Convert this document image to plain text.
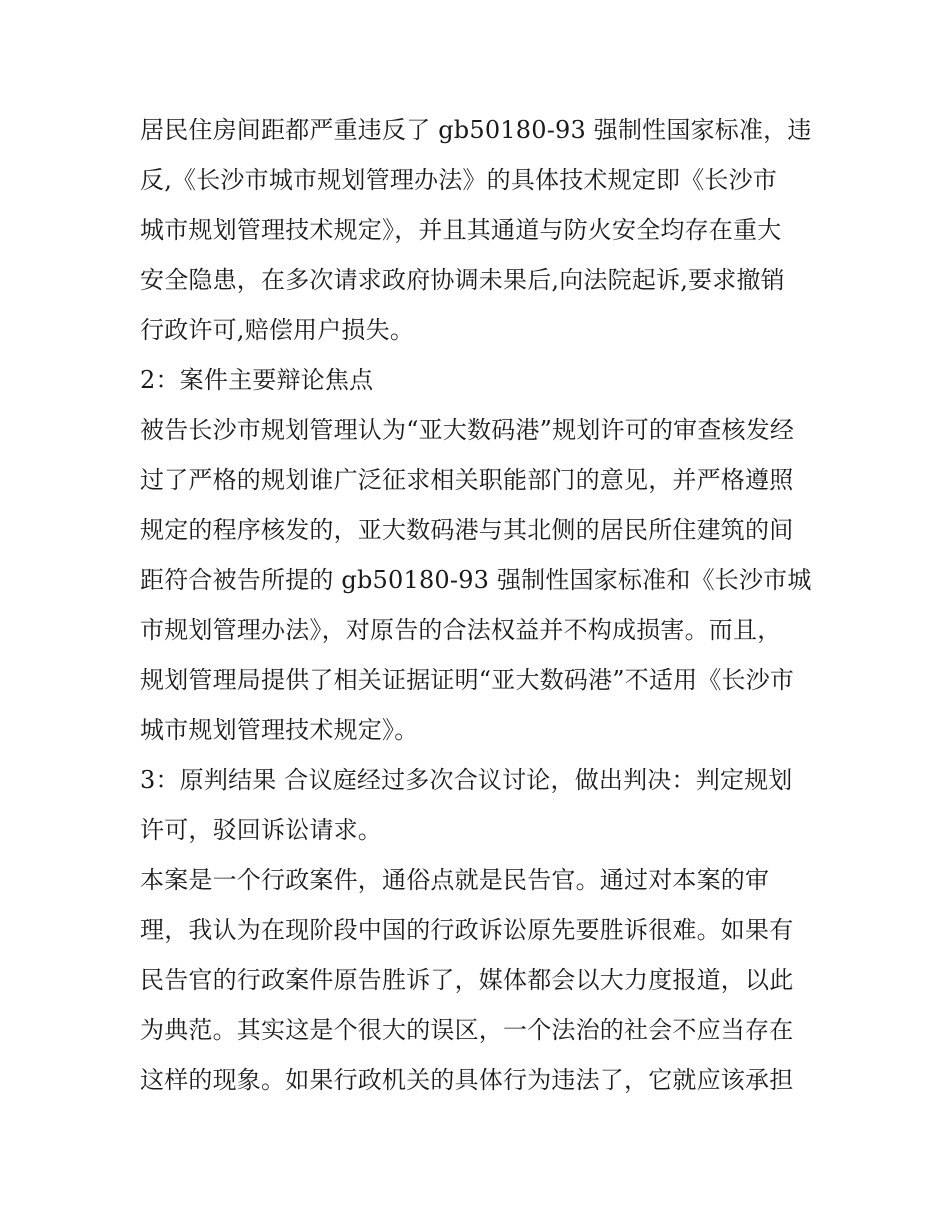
居民住房间距都严重违反了 gb50180-93 强制性国家标准，违

反,《长沙市城市规划管理办法》的具体技术规定即《长沙市

城市规划管理技术规定》，并且其通道与防火安全均存在重大

安全隐患，在多次请求政府协调未果后,向法院起诉,要求撤销

行政许可,赔偿用户损失。

2：案件主要辩论焦点

被告长沙市规划管理认为“亚大数码港”规划许可的审查核发经

过了严格的规划谁广泛征求相关职能部门的意见，并严格遵照

规定的程序核发的，亚大数码港与其北侧的居民所住建筑的间

距符合被告所提的 gb50180-93 强制性国家标准和《长沙市城

市规划管理办法》，对原告的合法权益并不构成损害。而且，

规划管理局提供了相关证据证明“亚大数码港”不适用《长沙市

城市规划管理技术规定》。

3：原判结果 合议庭经过多次合议讨论，做出判决：判定规划

许可，驳回诉讼请求。

本案是一个行政案件，通俗点就是民告官。通过对本案的审

理，我认为在现阶段中国的行政诉讼原先要胜诉很难。如果有

民告官的行政案件原告胜诉了，媒体都会以大力度报道，以此

为典范。其实这是个很大的误区，一个法治的社会不应当存在

这样的现象。如果行政机关的具体行为违法了，它就应该承担
